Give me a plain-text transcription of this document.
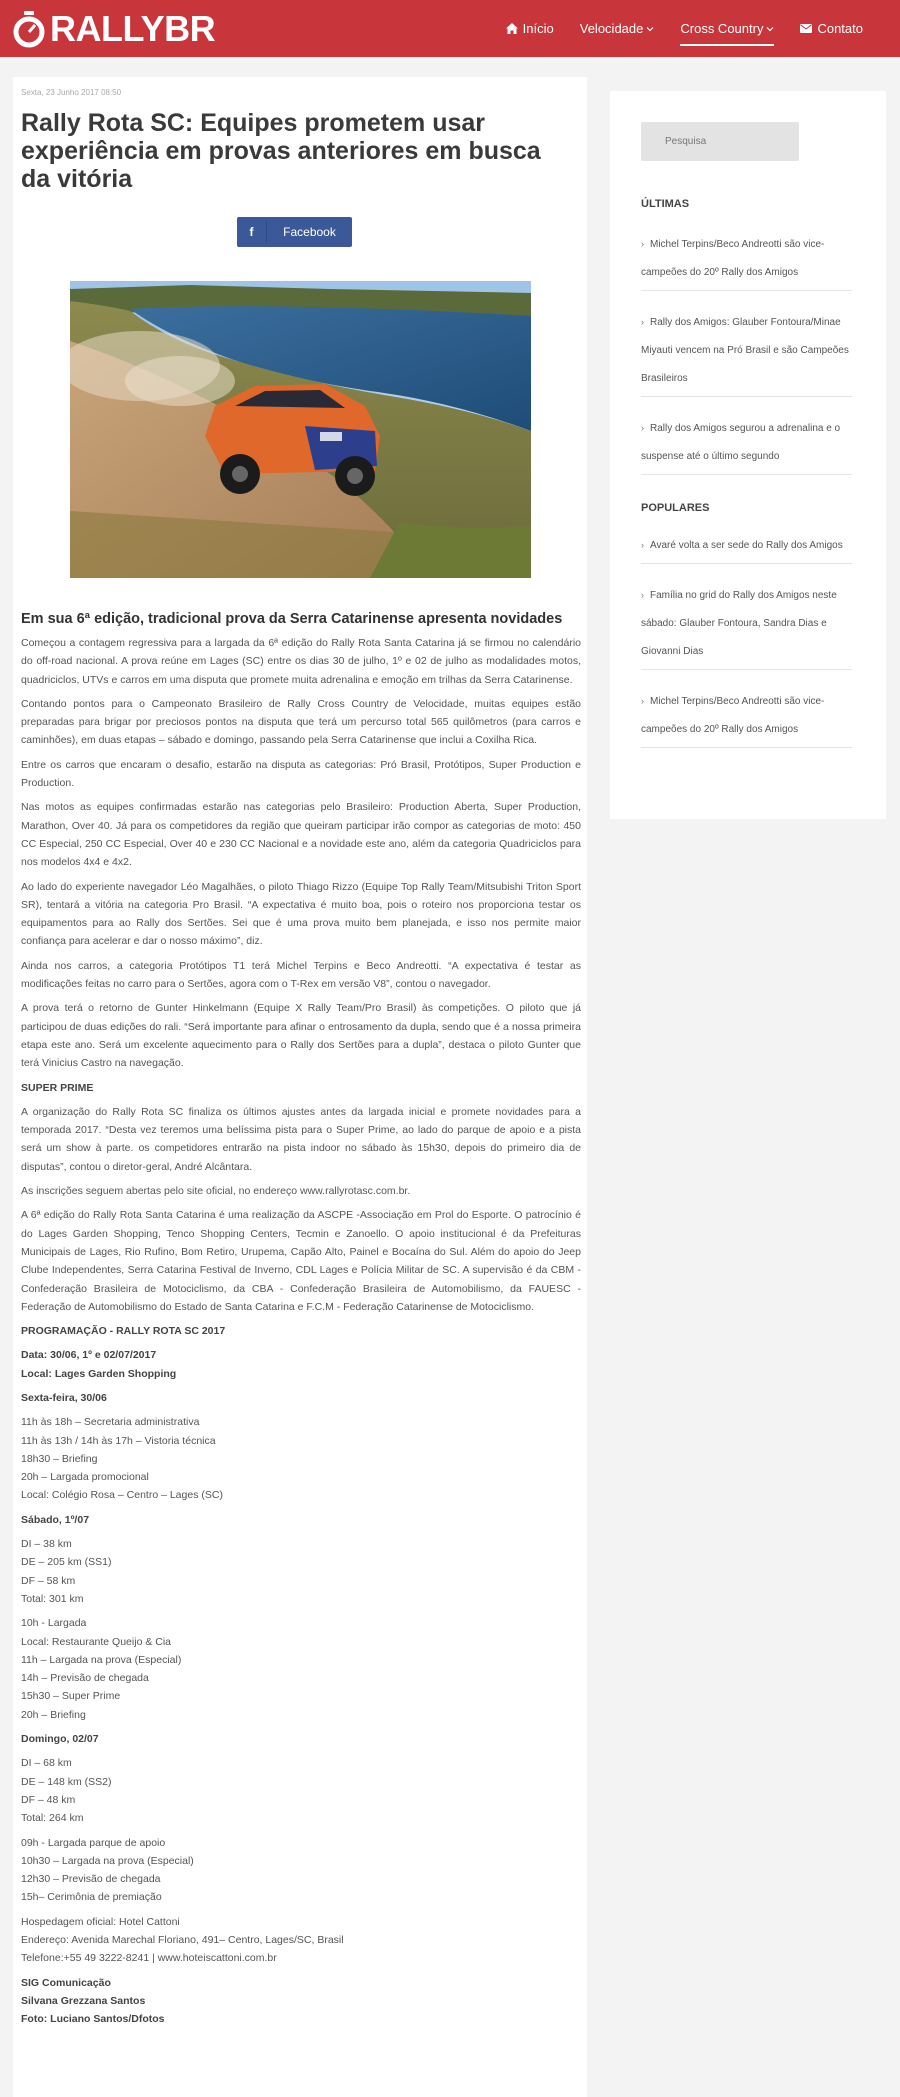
RALLYBR	Início Velocidade	Cross Country	Contato
Sexta, 23 Junho 2017 08:50
Rally Rota SC: Equipes prometem usar experiência em provas anteriores em busca da vitória
f	Facebook
Em sua 6ª edição, tradicional prova da Serra Catarinense apresenta novidades

Começou a contagem regressiva para a largada da 6ª edição do Rally Rota Santa Catarina já se firmou no calendário do off-road nacional. A prova reúne em Lages (SC) entre os dias 30 de julho, 1º e 02 de julho as modalidades motos, quadriciclos, UTVs e carros em uma disputa que promete muita adrenalina e emoção em trilhas da Serra Catarinense.

Contando pontos para o Campeonato Brasileiro de Rally Cross Country de Velocidade, muitas equipes estão preparadas para brigar por preciosos pontos na disputa que terá um percurso total 565 quilômetros (para carros e caminhões), em duas etapas – sábado e domingo, passando pela Serra Catarinense que inclui a Coxilha Rica.

Entre os carros que encaram o desafio, estarão na disputa as categorias: Pró Brasil, Protótipos, Super Production e Production.

Nas motos as equipes confirmadas estarão nas categorias pelo Brasileiro: Production Aberta, Super Production, Marathon, Over 40. Já para os competidores da região que queiram participar irão compor as categorias de moto: 450 CC Especial, 250 CC Especial, Over 40 e 230 CC Nacional e a novidade este ano, além da categoria Quadriciclos para nos modelos 4x4 e 4x2.

Ao lado do experiente navegador Léo Magalhães, o piloto Thiago Rizzo (Equipe Top Rally Team/Mitsubishi Triton Sport SR), tentará a vitória na categoria Pro Brasil. “A expectativa é muito boa, pois o roteiro nos proporciona testar os equipamentos para ao Rally dos Sertões. Sei que é uma prova muito bem planejada, e isso nos permite maior confiança para acelerar e dar o nosso máximo”, diz.

Ainda nos carros, a categoria Protótipos T1 terá Michel Terpins e Beco Andreotti. “A expectativa é testar as modificações feitas no carro para o Sertões, agora com o T-Rex em versão V8”, contou o navegador.

A prova terá o retorno de Gunter Hinkelmann (Equipe X Rally Team/Pro Brasil) às competições. O piloto que já participou de duas edições do rali. “Será importante para afinar o entrosamento da dupla, sendo que é a nossa primeira etapa este ano. Será um excelente aquecimento para o Rally dos Sertões para a dupla”, destaca o piloto Gunter que terá Vinicius Castro na navegação.

SUPER PRIME

A organização do Rally Rota SC finaliza os últimos ajustes antes da largada inicial e promete novidades para a temporada 2017. “Desta vez teremos uma belíssima pista para o Super Prime, ao lado do parque de apoio e a pista será um show à parte. os competidores entrarão na pista indoor no sábado às 15h30, depois do primeiro dia de disputas”, contou o diretor-geral, André Alcântara.

As inscrições seguem abertas pelo site oficial, no endereço www.rallyrotasc.com.br.

A 6ª edição do Rally Rota Santa Catarina é uma realização da ASCPE -Associação em Prol do Esporte. O patrocínio é do Lages Garden Shopping, Tenco Shopping Centers, Tecmin e Zanoello. O apoio institucional é da Prefeituras Municipais de Lages, Rio Rufino, Bom Retiro, Urupema, Capão Alto, Painel e Bocaína do Sul. Além do apoio do Jeep Clube Independentes, Serra Catarina Festival de Inverno, CDL Lages e Polícia Militar de SC. A supervisão é da CBM - Confederação Brasileira de Motociclismo, da CBA - Confederação Brasileira de Automobilismo, da FAUESC - Federação de Automobilismo do Estado de Santa Catarina e F.C.M - Federação Catarinense de Motociclismo.

PROGRAMAÇÃO - RALLY ROTA SC 2017

Data: 30/06, 1º e 02/07/2017

Local: Lages Garden Shopping

Sexta-feira, 30/06

11h às 18h – Secretaria administrativa

11h às 13h / 14h às 17h – Vistoria técnica

18h30 – Briefing

20h – Largada promocional

Local: Colégio Rosa – Centro – Lages (SC)

Sábado, 1º/07

DI – 38 km

DE – 205 km (SS1)

DF – 58 km

Total: 301 km

10h - Largada

Local: Restaurante Queijo & Cia

11h – Largada na prova (Especial)

14h – Previsão de chegada

15h30 – Super Prime

20h – Briefing

Domingo, 02/07

DI – 68 km

DE – 148 km (SS2)

DF – 48 km

Total: 264 km

09h - Largada parque de apoio

10h30 – Largada na prova (Especial)

12h30 – Previsão de chegada

15h– Cerimônia de premiação

Hospedagem oficial: Hotel Cattoni

Endereço: Avenida Marechal Floriano, 491– Centro, Lages/SC, Brasil

Telefone:+55 49 3222-8241 | www.hoteiscattoni.com.br

SIG Comunicação

Silvana Grezzana Santos

Foto: Luciano Santos/Dfotos

Pesquisa
ÚLTIMAS
› Michel Terpins/Beco Andreotti são vice-campeões do 20º Rally dos Amigos
› Rally dos Amigos: Glauber Fontoura/Minae Miyauti vencem na Pró Brasil e são Campeões Brasileiros
› Rally dos Amigos segurou a adrenalina e o suspense até o último segundo
POPULARES
› Avaré volta a ser sede do Rally dos Amigos
› Família no grid do Rally dos Amigos neste sábado: Glauber Fontoura, Sandra Dias e Giovanni Dias
› Michel Terpins/Beco Andreotti são vice-campeões do 20º Rally dos Amigos
